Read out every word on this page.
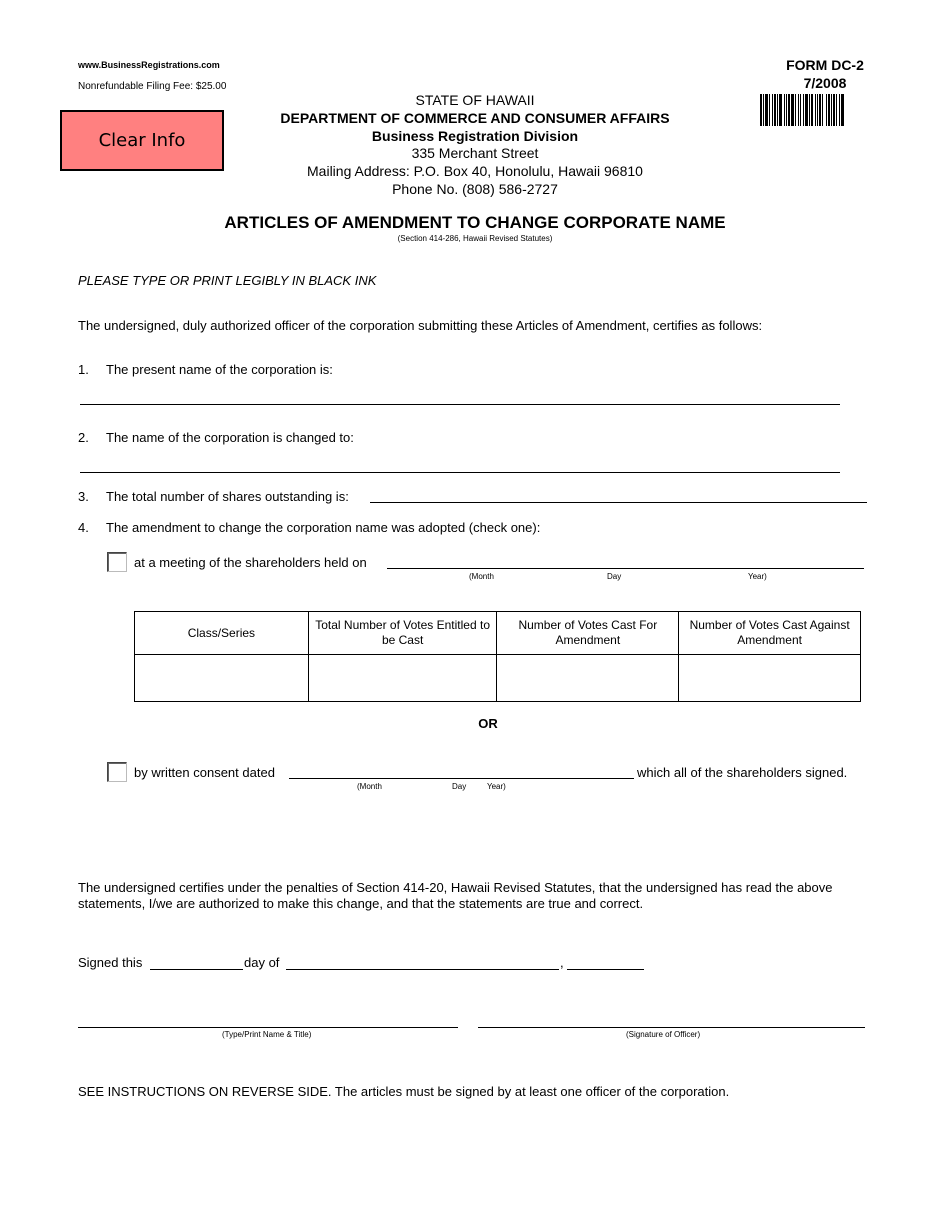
www.BusinessRegistrations.com
Nonrefundable Filing Fee: $25.00
FORM DC-2
7/2008
Clear Info
STATE OF HAWAII
DEPARTMENT OF COMMERCE AND CONSUMER AFFAIRS
Business Registration Division
335 Merchant Street
Mailing Address: P.O. Box 40, Honolulu, Hawaii 96810
Phone No. (808) 586-2727
ARTICLES OF AMENDMENT TO CHANGE CORPORATE NAME
(Section 414-286, Hawaii Revised Statutes)
PLEASE TYPE OR PRINT LEGIBLY IN BLACK INK
The undersigned, duly authorized officer of the corporation submitting these Articles of Amendment, certifies as follows:
1. The present name of the corporation is:
2. The name of the corporation is changed to:
3. The total number of shares outstanding is:
4. The amendment to change the corporation name was adopted (check one):
at a meeting of the shareholders held on
(Month	Day	Year)
Class/Series	Total Number of Votes Entitled to be Cast	Number of Votes Cast For Amendment	Number of Votes Cast Against Amendment

OR
by written consent dated	which all of the shareholders signed.
(Month	Day	Year)
The undersigned certifies under the penalties of Section 414-20, Hawaii Revised Statutes, that the undersigned has read the above statements, I/we are authorized to make this change, and that the statements are true and correct.
Signed this	day of	,
(Type/Print Name & Title)	(Signature of Officer)
SEE INSTRUCTIONS ON REVERSE SIDE. The articles must be signed by at least one officer of the corporation.
